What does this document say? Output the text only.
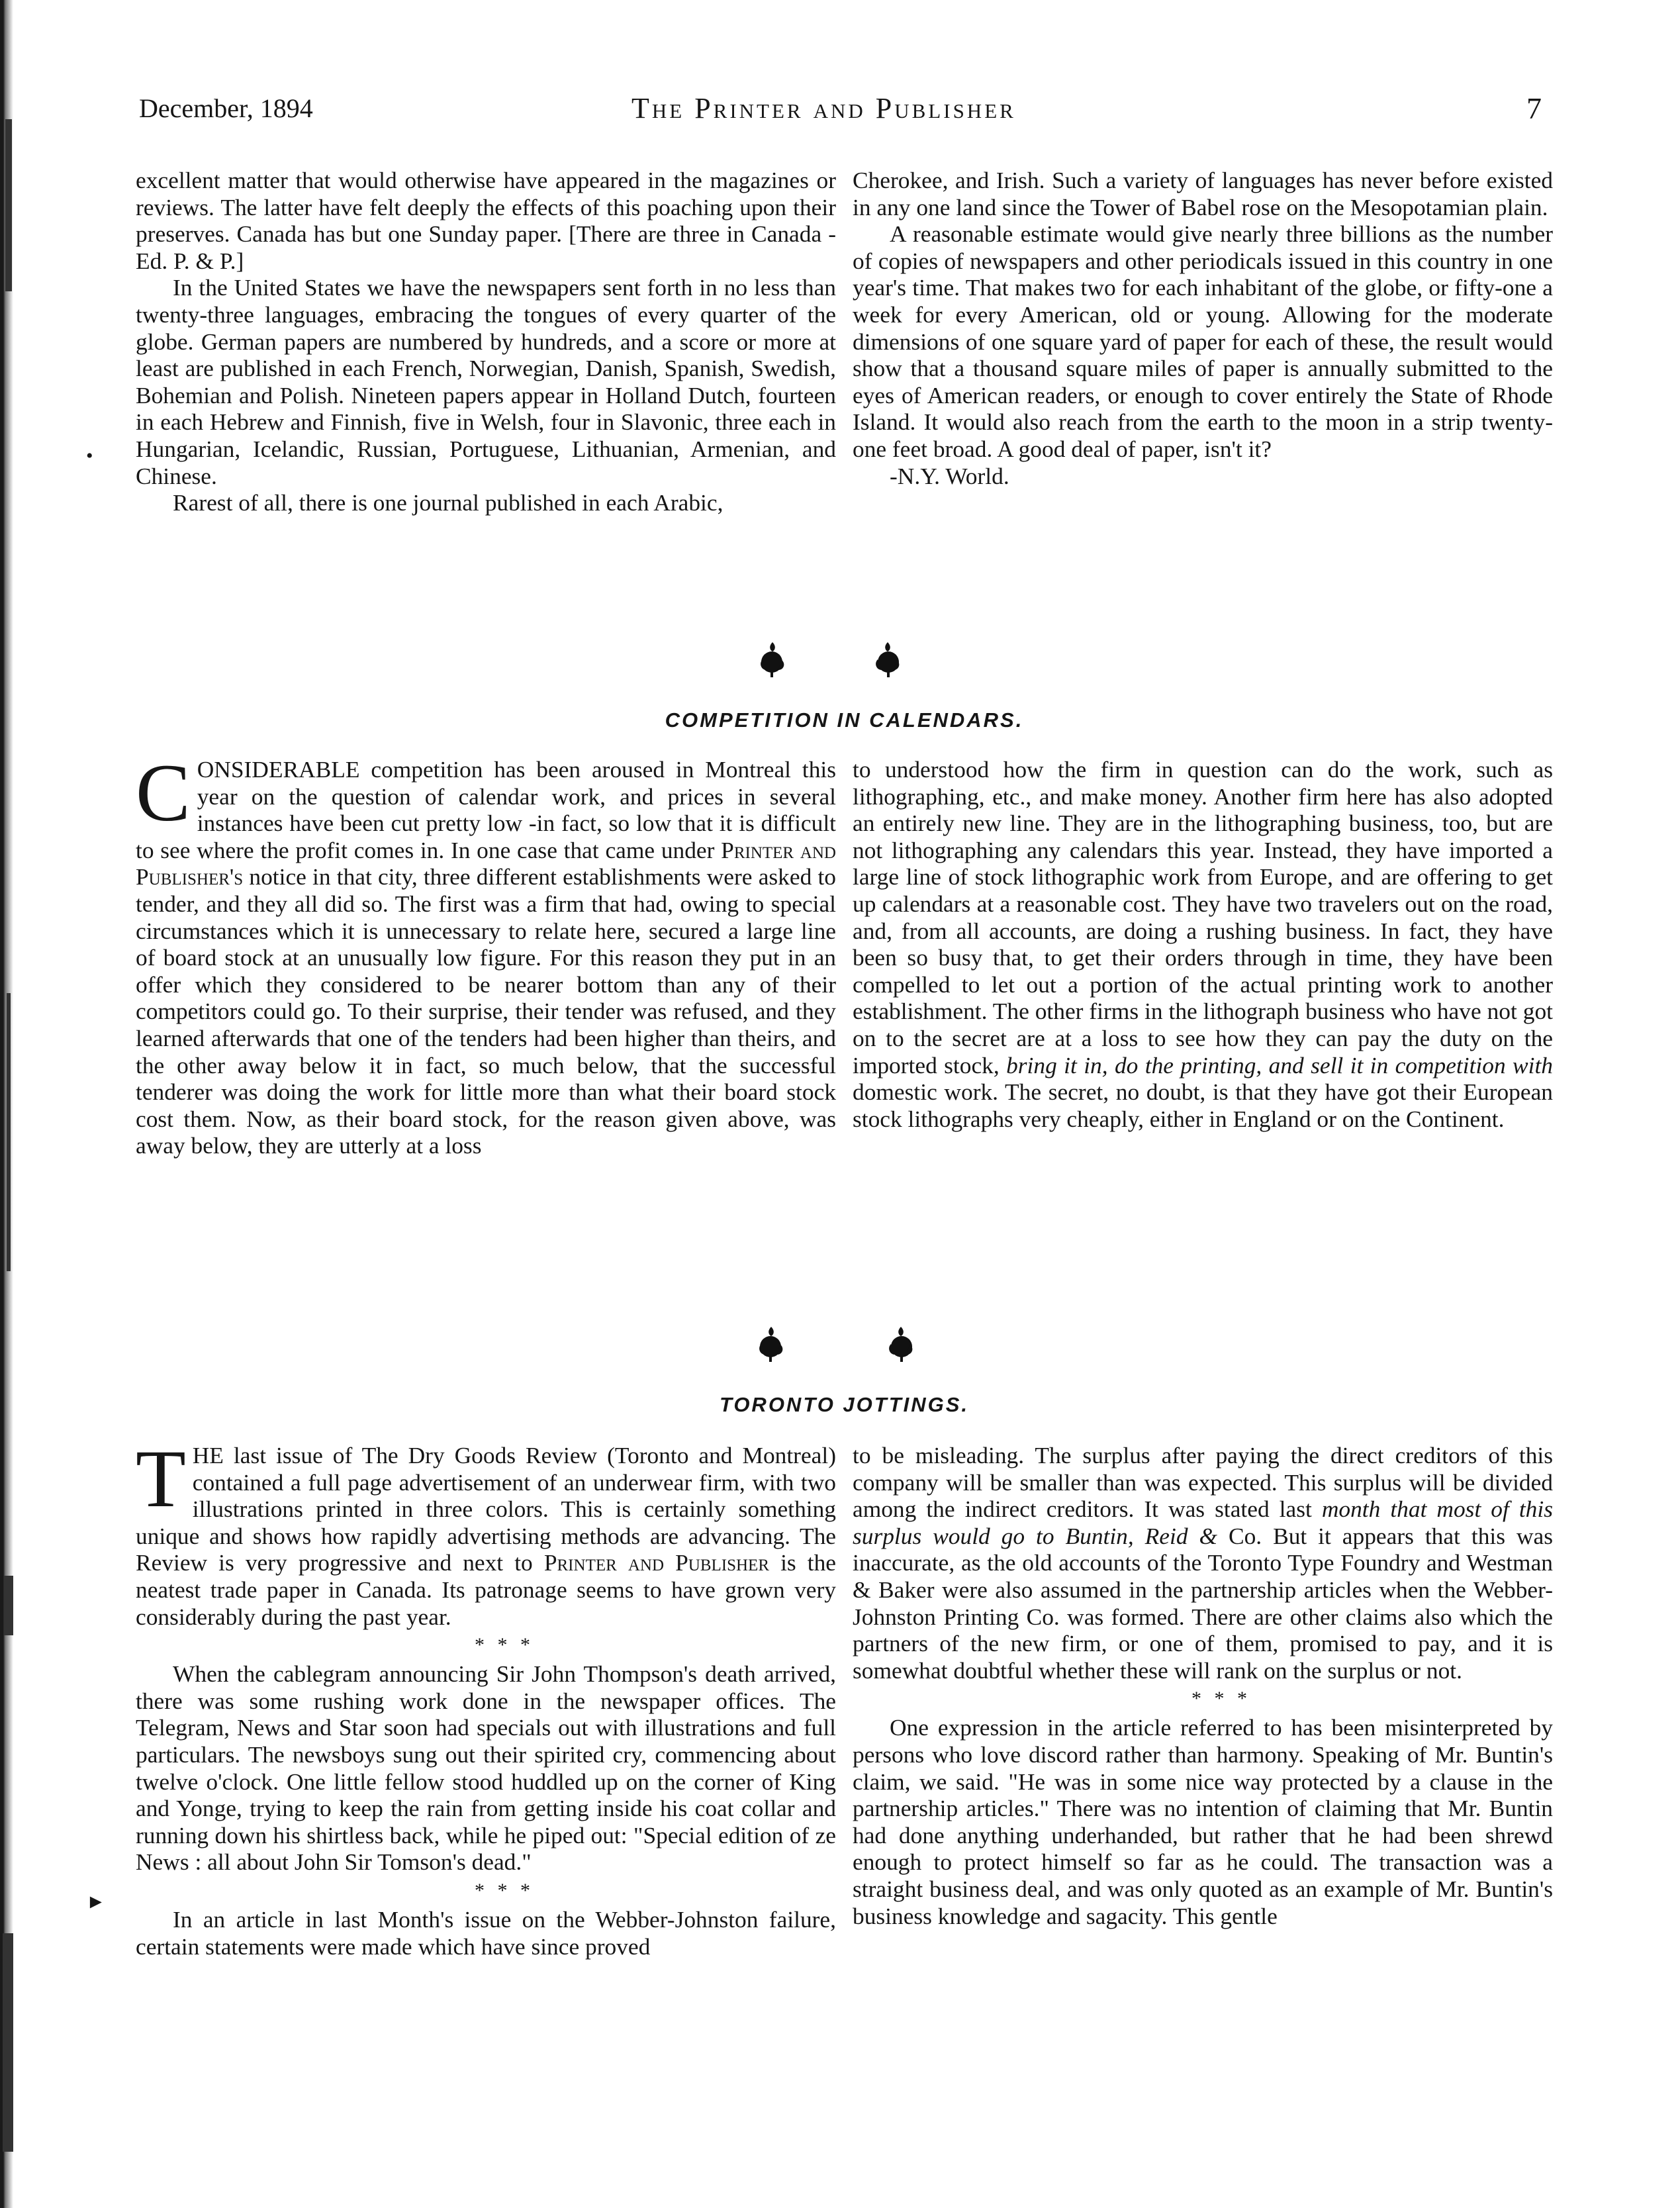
December, 1894	The Printer and Publisher	7

excellent matter that would otherwise have appeared in the magazines or reviews. The latter have felt deeply the effects of this poaching upon their preserves. Canada has but one Sunday paper. [There are three in Canada -Ed. P. & P.]

In the United States we have the newspapers sent forth in no less than twenty-three languages, embracing the tongues of every quarter of the globe. German papers are numbered by hundreds, and a score or more at least are published in each French, Norwegian, Danish, Spanish, Swedish, Bohemian and Polish. Nineteen papers appear in Holland Dutch, fourteen in each Hebrew and Finnish, five in Welsh, four in Slavonic, three each in Hungarian, Icelandic, Russian, Portuguese, Lithuanian, Armenian, and Chinese.

Rarest of all, there is one journal published in each Arabic,

Cherokee, and Irish. Such a variety of languages has never before existed in any one land since the Tower of Babel rose on the Mesopotamian plain.

A reasonable estimate would give nearly three billions as the number of copies of newspapers and other periodicals issued in this country in one year's time. That makes two for each inhabitant of the globe, or fifty-one a week for every American, old or young. Allowing for the moderate dimensions of one square yard of paper for each of these, the result would show that a thousand square miles of paper is annually submitted to the eyes of American readers, or enough to cover entirely the State of Rhode Island. It would also reach from the earth to the moon in a strip twenty-one feet broad. A good deal of paper, isn't it?

-N.Y. World.

COMPETITION IN CALENDARS.

CONSIDERABLE competition has been aroused in Montreal this year on the question of calendar work, and prices in several instances have been cut pretty low -in fact, so low that it is difficult to see where the profit comes in. In one case that came under Printer and Publisher's notice in that city, three different establishments were asked to tender, and they all did so. The first was a firm that had, owing to special circumstances which it is unnecessary to relate here, secured a large line of board stock at an unusually low figure. For this reason they put in an offer which they considered to be nearer bottom than any of their competitors could go. To their surprise, their tender was refused, and they learned afterwards that one of the tenders had been higher than theirs, and the other away below it in fact, so much below, that the successful tenderer was doing the work for little more than what their board stock cost them. Now, as their board stock, for the reason given above, was away below, they are utterly at a loss

to understood how the firm in question can do the work, such as lithographing, etc., and make money. Another firm here has also adopted an entirely new line. They are in the lithographing business, too, but are not lithographing any calendars this year. Instead, they have imported a large line of stock lithographic work from Europe, and are offering to get up calendars at a reasonable cost. They have two travelers out on the road, and, from all accounts, are doing a rushing business. In fact, they have been so busy that, to get their orders through in time, they have been compelled to let out a portion of the actual printing work to another establishment. The other firms in the lithograph business who have not got on to the secret are at a loss to see how they can pay the duty on the imported stock, bring it in, do the printing, and sell it in competition with domestic work. The secret, no doubt, is that they have got their European stock lithographs very cheaply, either in England or on the Continent.

TORONTO JOTTINGS.

THE last issue of The Dry Goods Review (Toronto and Montreal) contained a full page advertisement of an underwear firm, with two illustrations printed in three colors. This is certainly something unique and shows how rapidly advertising methods are advancing. The Review is very progressive and next to Printer and Publisher is the neatest trade paper in Canada. Its patronage seems to have grown very considerably during the past year.

* * *

When the cablegram announcing Sir John Thompson's death arrived, there was some rushing work done in the newspaper offices. The Telegram, News and Star soon had specials out with illustrations and full particulars. The newsboys sung out their spirited cry, commencing about twelve o'clock. One little fellow stood huddled up on the corner of King and Yonge, trying to keep the rain from getting inside his coat collar and running down his shirtless back, while he piped out: "Special edition of ze News : all about John Sir Tomson's dead."

* * *

In an article in last Month's issue on the Webber-Johnston failure, certain statements were made which have since proved

to be misleading. The surplus after paying the direct creditors of this company will be smaller than was expected. This surplus will be divided among the indirect creditors. It was stated last month that most of this surplus would go to Buntin, Reid & Co. But it appears that this was inaccurate, as the old accounts of the Toronto Type Foundry and Westman & Baker were also assumed in the partnership articles when the Webber-Johnston Printing Co. was formed. There are other claims also which the partners of the new firm, or one of them, promised to pay, and it is somewhat doubtful whether these will rank on the surplus or not.

* * *

One expression in the article referred to has been misinterpreted by persons who love discord rather than harmony. Speaking of Mr. Buntin's claim, we said. "He was in some nice way protected by a clause in the partnership articles." There was no intention of claiming that Mr. Buntin had done anything underhanded, but rather that he had been shrewd enough to protect himself so far as he could. The transaction was a straight business deal, and was only quoted as an example of Mr. Buntin's business knowledge and sagacity. This gentle

•
►
